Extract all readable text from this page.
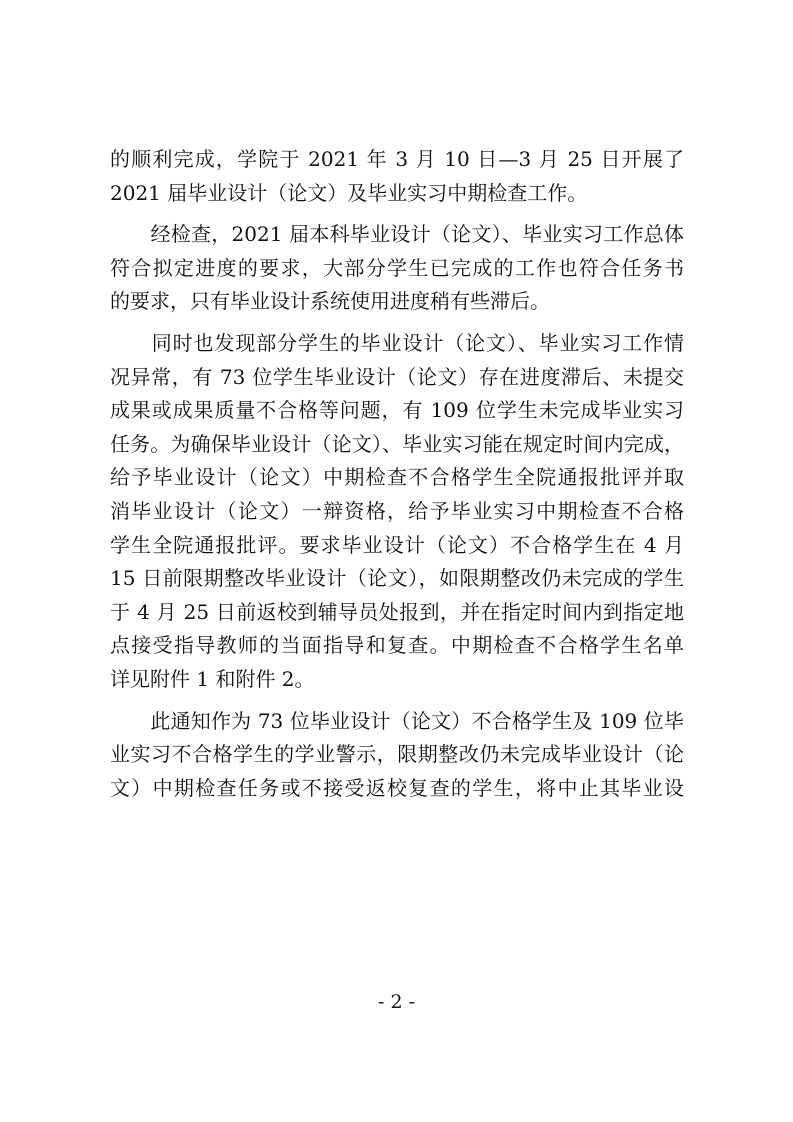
的顺利完成，学院于 2021 年 3 月 10 日—3 月 25 日开展了
2021 届毕业设计（论文）及毕业实习中期检查工作。
　　经检查，2021 届本科毕业设计（论文）、毕业实习工作总体
符合拟定进度的要求，大部分学生已完成的工作也符合任务书
的要求，只有毕业设计系统使用进度稍有些滞后。
　　同时也发现部分学生的毕业设计（论文）、毕业实习工作情
况异常，有 73 位学生毕业设计（论文）存在进度滞后、未提交
成果或成果质量不合格等问题，有 109 位学生未完成毕业实习
任务。为确保毕业设计（论文）、毕业实习能在规定时间内完成，
给予毕业设计（论文）中期检查不合格学生全院通报批评并取
消毕业设计（论文）一辩资格，给予毕业实习中期检查不合格
学生全院通报批评。要求毕业设计（论文）不合格学生在 4 月
15 日前限期整改毕业设计（论文），如限期整改仍未完成的学生
于 4 月 25 日前返校到辅导员处报到，并在指定时间内到指定地
点接受指导教师的当面指导和复查。中期检查不合格学生名单
详见附件 1 和附件 2。
　　此通知作为 73 位毕业设计（论文）不合格学生及 109 位毕
业实习不合格学生的学业警示，限期整改仍未完成毕业设计（论
文）中期检查任务或不接受返校复查的学生，将中止其毕业设
- 2 -
